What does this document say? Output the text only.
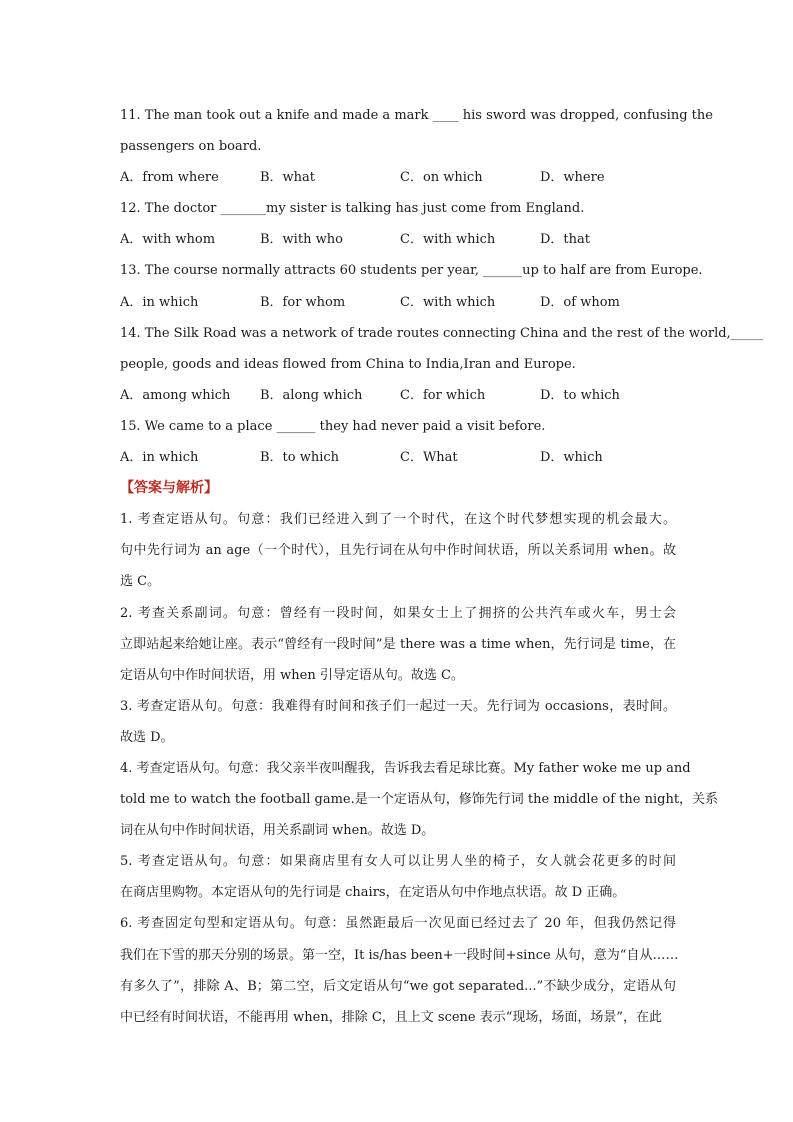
11. The man took out a knife and made a mark ____ his sword was dropped, confusing the
passengers on board.
A．from where	B．what	C．on which	D．where
12. The doctor _______my sister is talking has just come from England.
A．with whom	B．with who	C．with which	D．that
13. The course normally attracts 60 students per year, ______up to half are from Europe.
A．in which	B．for whom	C．with which	D．of whom
14. The Silk Road was a network of trade routes connecting China and the rest of the world,_____
people, goods and ideas flowed from China to India,Iran and Europe.
A．among which	B．along which	C．for which	D．to which
15. We came to a place ______ they had never paid a visit before.
A．in which	B．to which	C．What	D．which
【答案与解析】
1. 考查定语从句。句意：我们已经进入到了一个时代，在这个时代梦想实现的机会最大。
句中先行词为 an age（一个时代），且先行词在从句中作时间状语，所以关系词用 when。故
选 C。
2. 考查关系副词。句意：曾经有一段时间，如果女士上了拥挤的公共汽车或火车，男士会
立即站起来给她让座。表示“曾经有一段时间”是 there was a time when，先行词是 time，在
定语从句中作时间状语，用 when 引导定语从句。故选 C。
3. 考查定语从句。句意：我难得有时间和孩子们一起过一天。先行词为 occasions，表时间。
故选 D。
4. 考查定语从句。句意：我父亲半夜叫醒我，告诉我去看足球比赛。My father woke me up and
told me to watch the football game.是一个定语从句，修饰先行词 the middle of the night，关系
词在从句中作时间状语，用关系副词 when。故选 D。
5. 考查定语从句。句意：如果商店里有女人可以让男人坐的椅子，女人就会花更多的时间
在商店里购物。本定语从句的先行词是 chairs，在定语从句中作地点状语。故 D 正确。
6. 考查固定句型和定语从句。句意：虽然距最后一次见面已经过去了 20 年，但我仍然记得
我们在下雪的那天分别的场景。第一空，It is/has been+一段时间+since 从句，意为“自从……
有多久了”，排除 A、B；第二空，后文定语从句“we got separated...”不缺少成分，定语从句
中已经有时间状语，不能再用 when，排除 C，且上文 scene 表示“现场，场面，场景”，在此
